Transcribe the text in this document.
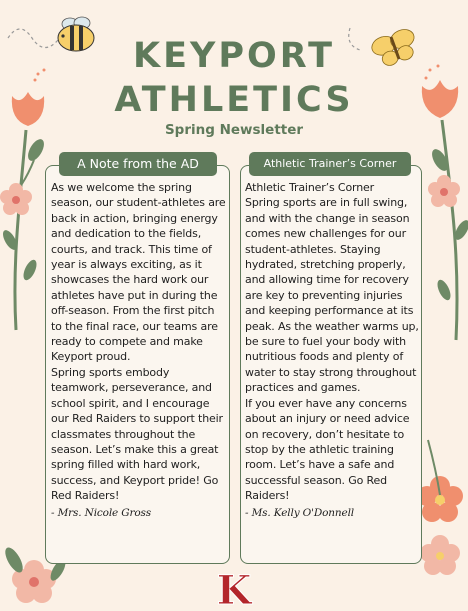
KEYPORT
ATHLETICS
Spring Newsletter
A Note from the AD	Athletic Trainer’s Corner

As we welcome the spring season, our student-athletes are back in action, bringing energy and dedication to the fields, courts, and track. This time of year is always exciting, as it showcases the hard work our athletes have put in during the off-season. From the first pitch to the final race, our teams are ready to compete and make Keyport proud.

Spring sports embody teamwork, perseverance, and school spirit, and I encourage our Red Raiders to support their classmates throughout the season. Let’s make this a great spring filled with hard work, success, and Keyport pride! Go Red Raiders!

- Mrs. Nicole Gross

Athletic Trainer’s Corner

Spring sports are in full swing, and with the change in season comes new challenges for our student-athletes. Staying hydrated, stretching properly, and allowing time for recovery are key to preventing injuries and keeping performance at its peak. As the weather warms up, be sure to fuel your body with nutritious foods and plenty of water to stay strong throughout practices and games.

If you ever have any concerns about an injury or need advice on recovery, don’t hesitate to stop by the athletic training room. Let’s have a safe and successful season. Go Red Raiders!

- Ms. Kelly O'Donnell
K
